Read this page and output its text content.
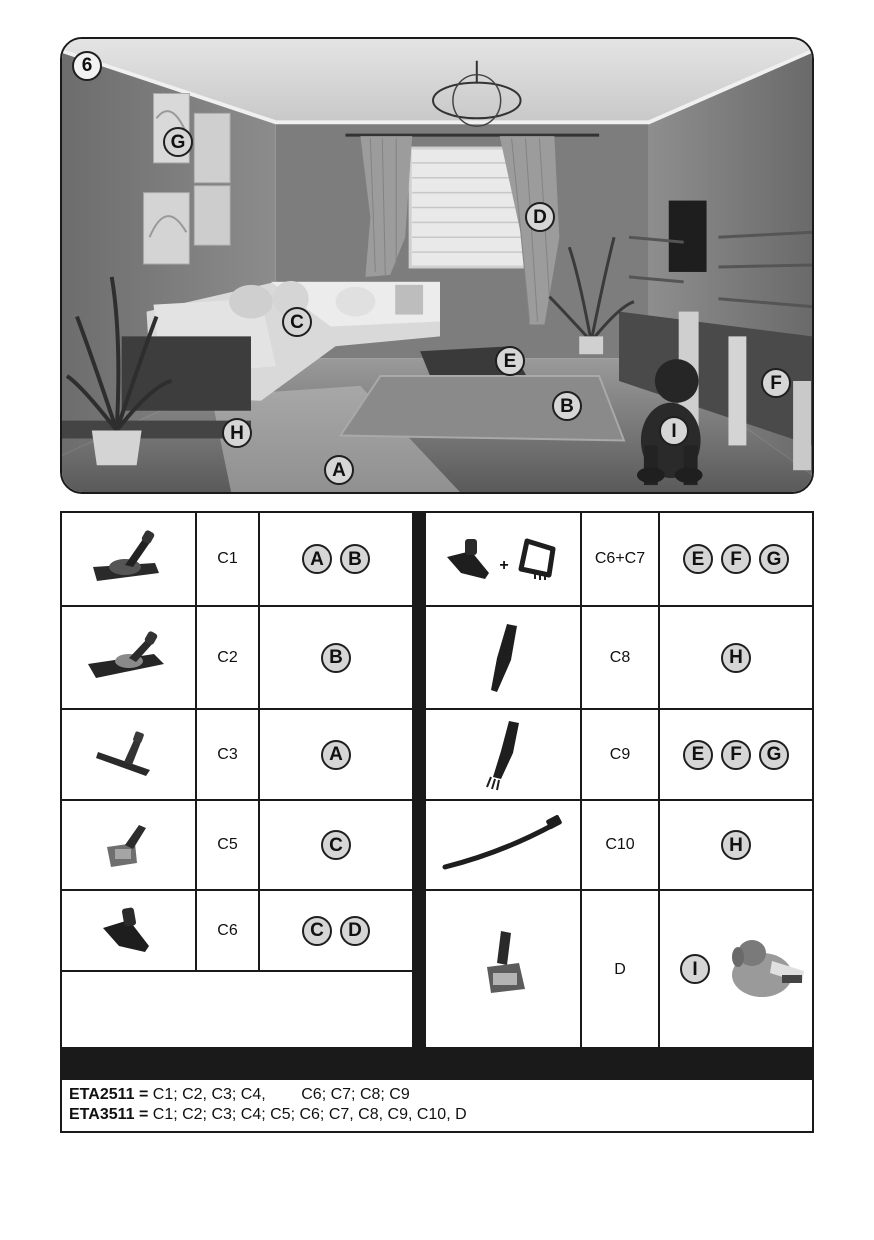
6
A
B
C
D
E
F
G
H	I
C1	A	B
C2	B
C3	A
C5	C
C6	C	D
+	C6+C7	E	F	G
C8	H
C9	E	F	G
C10	H
D	I
ETA2511 = C1; C2, C3; C4,        C6; C7; C8; C9
ETA3511 = C1; C2; C3; C4; C5; C6; C7, C8, C9, C10, D
